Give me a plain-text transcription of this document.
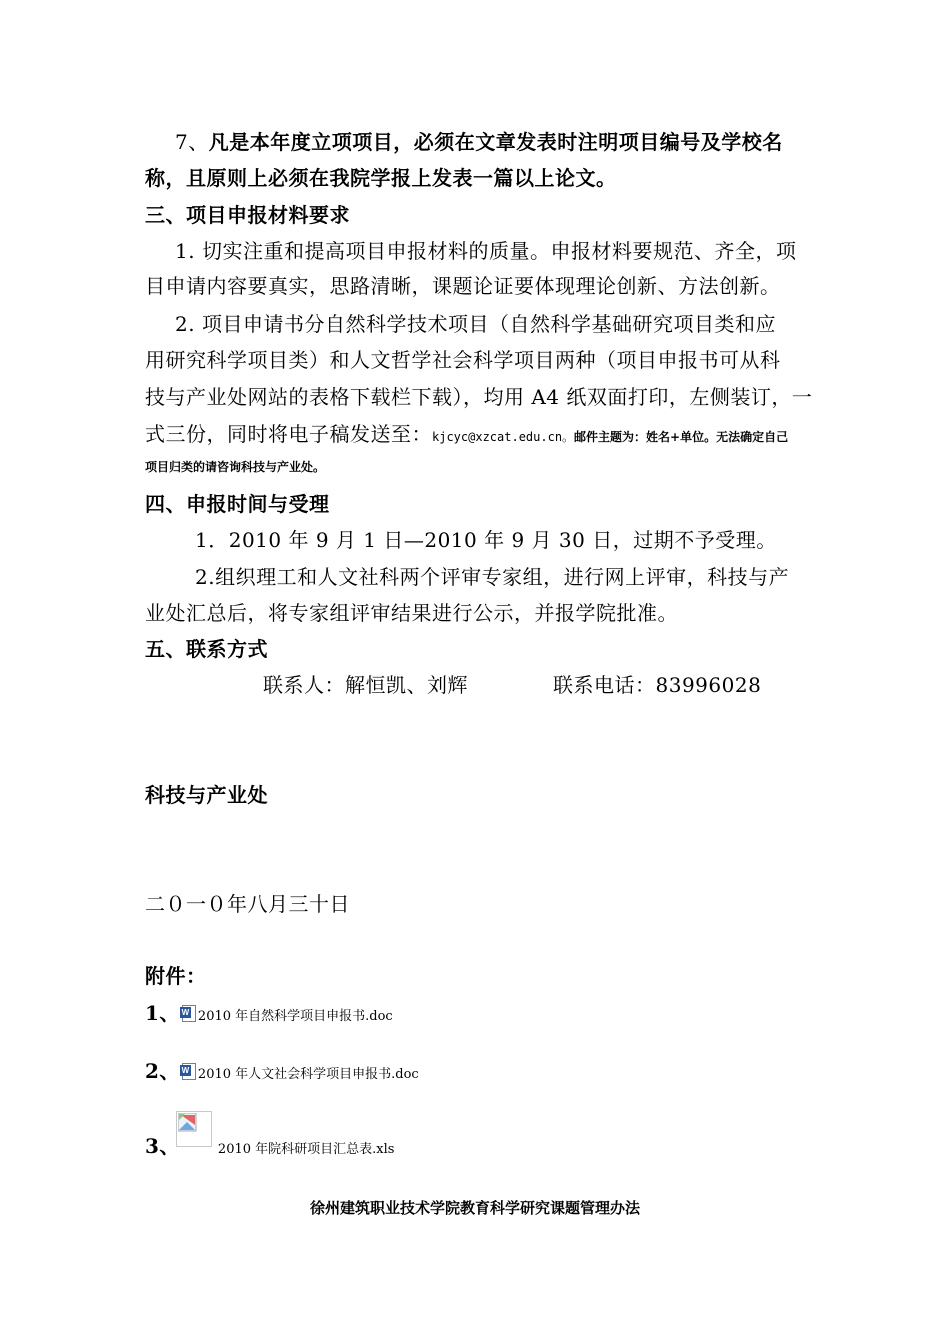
7、凡是本年度立项项目，必须在文章发表时注明项目编号及学校名
称，且原则上必须在我院学报上发表一篇以上论文。
三、项目申报材料要求
1. 切实注重和提高项目申报材料的质量。申报材料要规范、齐全，项
目申请内容要真实，思路清晰，课题论证要体现理论创新、方法创新。
2. 项目申请书分自然科学技术项目（自然科学基础研究项目类和应
用研究科学项目类）和人文哲学社会科学项目两种（项目申报书可从科
技与产业处网站的表格下载栏下载），均用 A4 纸双面打印，左侧装订，一
式三份，同时将电子稿发送至：kjcyc@xzcat.edu.cn。邮件主题为：姓名+单位。无法确定自己
项目归类的请咨询科技与产业处。
四、申报时间与受理
1．2010 年 9 月 1 日—2010 年 9 月 30 日，过期不予受理。
2.组织理工和人文社科两个评审专家组，进行网上评审，科技与产
业处汇总后，将专家组评审结果进行公示，并报学院批准。
五、联系方式
联系人：解恒凯、刘辉	联系电话：83996028
科技与产业处
二０一０年八月三十日
附件：
1、 W 2010 年自然科学项目申报书.doc
2、 W 2010 年人文社会科学项目申报书.doc
3、	2010 年院科研项目汇总表.xls
徐州建筑职业技术学院教育科学研究课题管理办法
